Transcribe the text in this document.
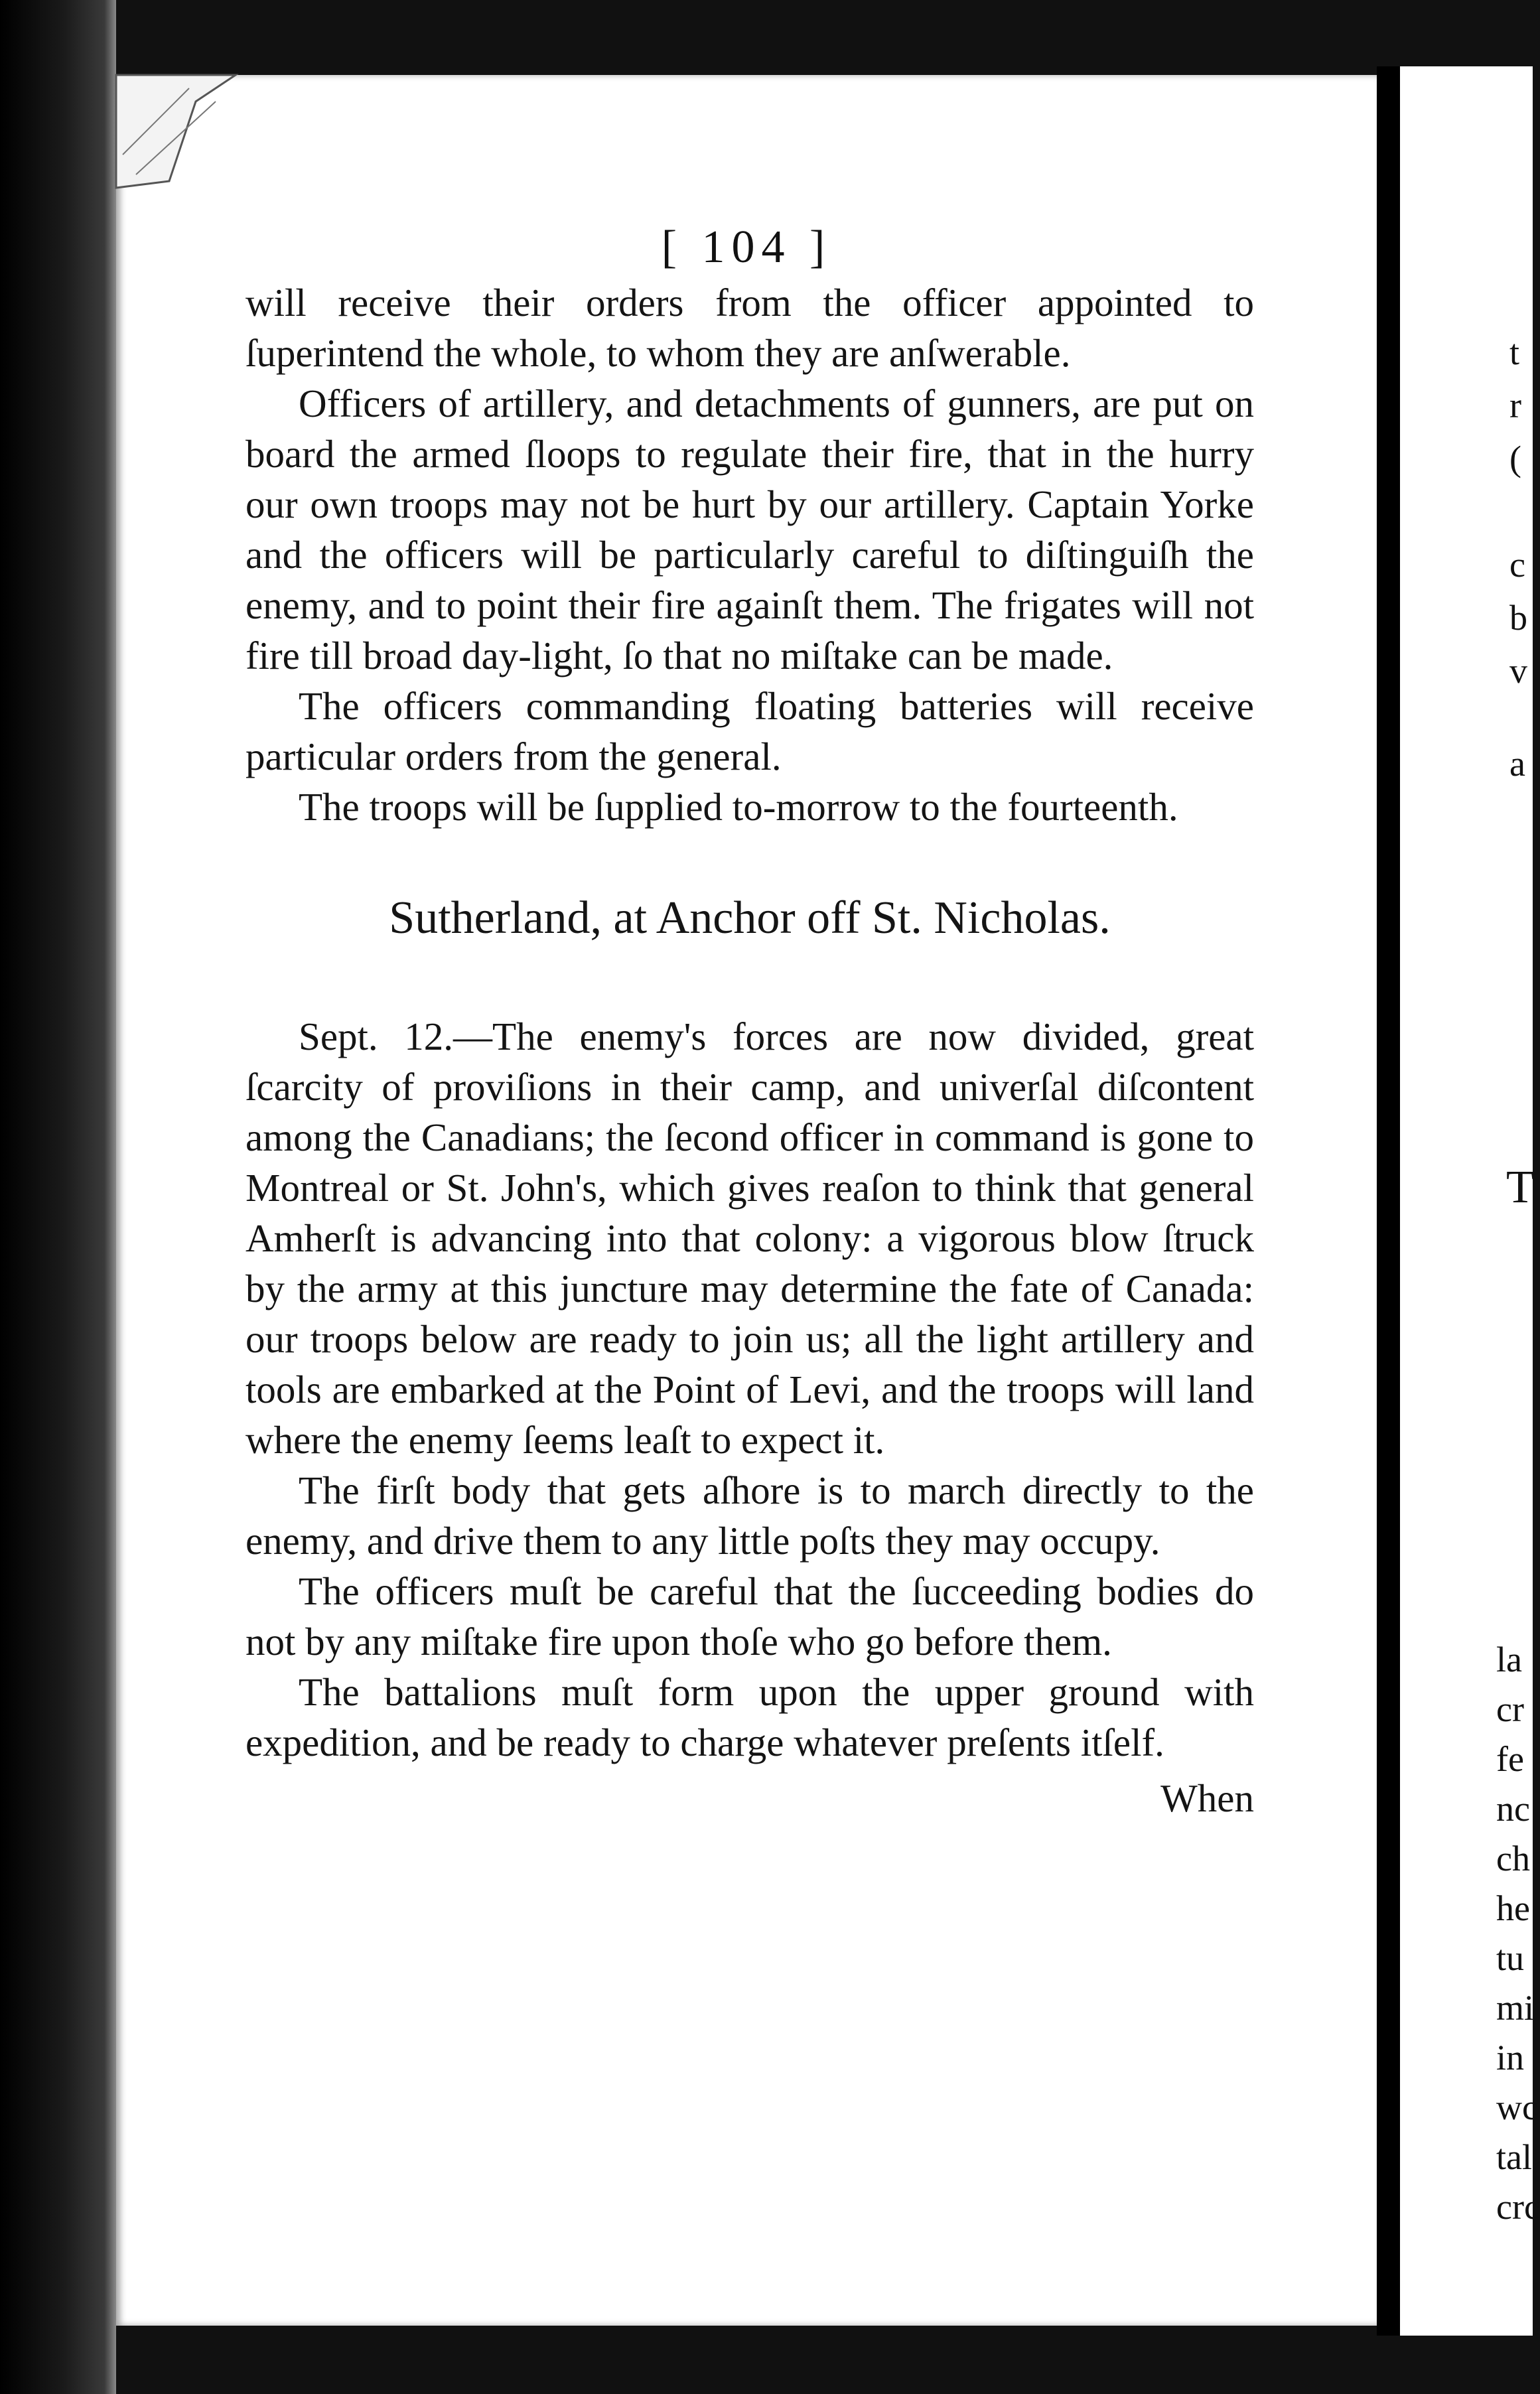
[ 104 ]

will receive their orders from the officer appointed to ſuperintend the whole, to whom they are anſwerable.

Officers of artillery, and detachments of gunners, are put on board the armed ſloops to regulate their fire, that in the hurry our own troops may not be hurt by our artillery. Captain Yorke and the officers will be particularly careful to diſtinguiſh the enemy, and to point their fire againſt them. The frigates will not fire till broad day-light, ſo that no miſtake can be made.

The officers commanding floating batteries will receive particular orders from the general.

The troops will be ſupplied to-morrow to the fourteenth.

Sutherland, at Anchor off St. Nicholas.

Sept. 12.—The enemy's forces are now divided, great ſcarcity of proviſions in their camp, and univerſal diſcontent among the Canadians; the ſecond officer in command is gone to Montreal or St. John's, which gives reaſon to think that general Amherſt is advancing into that colony: a vigorous blow ſtruck by the army at this juncture may determine the fate of Canada: our troops below are ready to join us; all the light artillery and tools are embarked at the Point of Levi, and the troops will land where the enemy ſeems leaſt to expect it.

The firſt body that gets aſhore is to march directly to the enemy, and drive them to any little poſts they may occupy.

The officers muſt be careful that the ſucceeding bodies do not by any miſtake fire upon thoſe who go before them.

The battalions muſt form upon the upper ground with expedition, and be ready to charge whatever preſents itſelf.

When
t
r
(
c
b
v
a
T
la
cr
fe
nc
ch
he
tu
mi
in
wc
tal
crc
